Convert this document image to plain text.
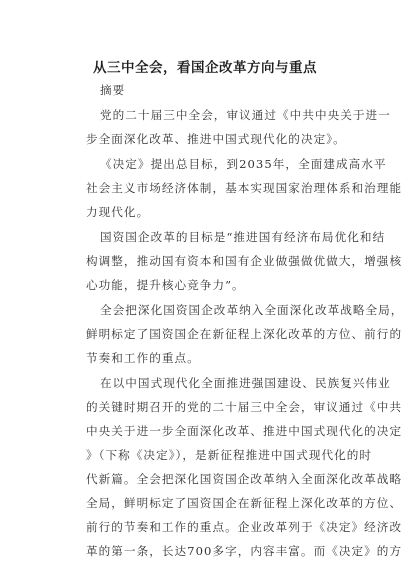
从三中全会，看国企改革方向与重点
摘要
党的二十届三中全会，审议通过《中共中央关于进一
步全面深化改革、推进中国式现代化的决定》。
《决定》提出总目标，到2035年，全面建成高水平
社会主义市场经济体制，基本实现国家治理体系和治理能
力现代化。
国资国企改革的目标是“推进国有经济布局优化和结
构调整，推动国有资本和国有企业做强做优做大，增强核
心功能，提升核心竞争力”。
全会把深化国资国企改革纳入全面深化改革战略全局，
鲜明标定了国资国企在新征程上深化改革的方位、前行的
节奏和工作的重点。
在以中国式现代化全面推进强国建设、民族复兴伟业
的关键时期召开的党的二十届三中全会，审议通过《中共
中央关于进一步全面深化改革、推进中国式现代化的决定
》（下称《决定》），是新征程推进中国式现代化的时
代新篇。全会把深化国资国企改革纳入全面深化改革战略
全局，鲜明标定了国资国企在新征程上深化改革的方位、
前行的节奏和工作的重点。企业改革列于《决定》经济改
革的第一条，长达700多字，内容丰富。而《决定》的方
